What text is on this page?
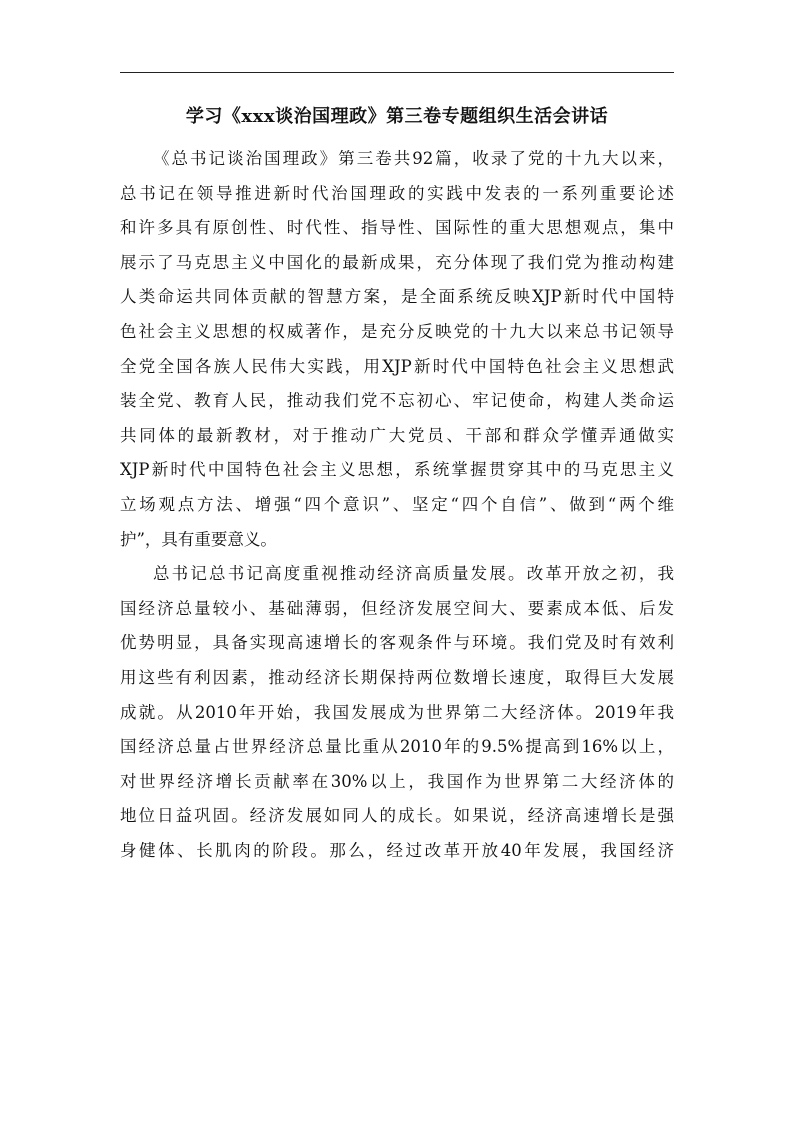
学习《xxx谈治国理政》第三卷专题组织生活会讲话

《总书记谈治国理政》第三卷共92篇，收录了党的十九大以来，
总书记在领导推进新时代治国理政的实践中发表的一系列重要论述
和许多具有原创性、时代性、指导性、国际性的重大思想观点，集中
展示了马克思主义中国化的最新成果，充分体现了我们党为推动构建
人类命运共同体贡献的智慧方案，是全面系统反映XJP新时代中国特
色社会主义思想的权威著作，是充分反映党的十九大以来总书记领导
全党全国各族人民伟大实践，用XJP新时代中国特色社会主义思想武
装全党、教育人民，推动我们党不忘初心、牢记使命，构建人类命运
共同体的最新教材，对于推动广大党员、干部和群众学懂弄通做实
XJP新时代中国特色社会主义思想，系统掌握贯穿其中的马克思主义
立场观点方法、增强“四个意识”、坚定“四个自信”、做到“两个维
护”，具有重要意义。

总书记总书记高度重视推动经济高质量发展。改革开放之初，我
国经济总量较小、基础薄弱，但经济发展空间大、要素成本低、后发
优势明显，具备实现高速增长的客观条件与环境。我们党及时有效利
用这些有利因素，推动经济长期保持两位数增长速度，取得巨大发展
成就。从2010年开始，我国发展成为世界第二大经济体。2019年我
国经济总量占世界经济总量比重从2010年的9.5%提高到16%以上，
对世界经济增长贡献率在30%以上，我国作为世界第二大经济体的
地位日益巩固。经济发展如同人的成长。如果说，经济高速增长是强
身健体、长肌肉的阶段。那么，经过改革开放40年发展，我国经济
